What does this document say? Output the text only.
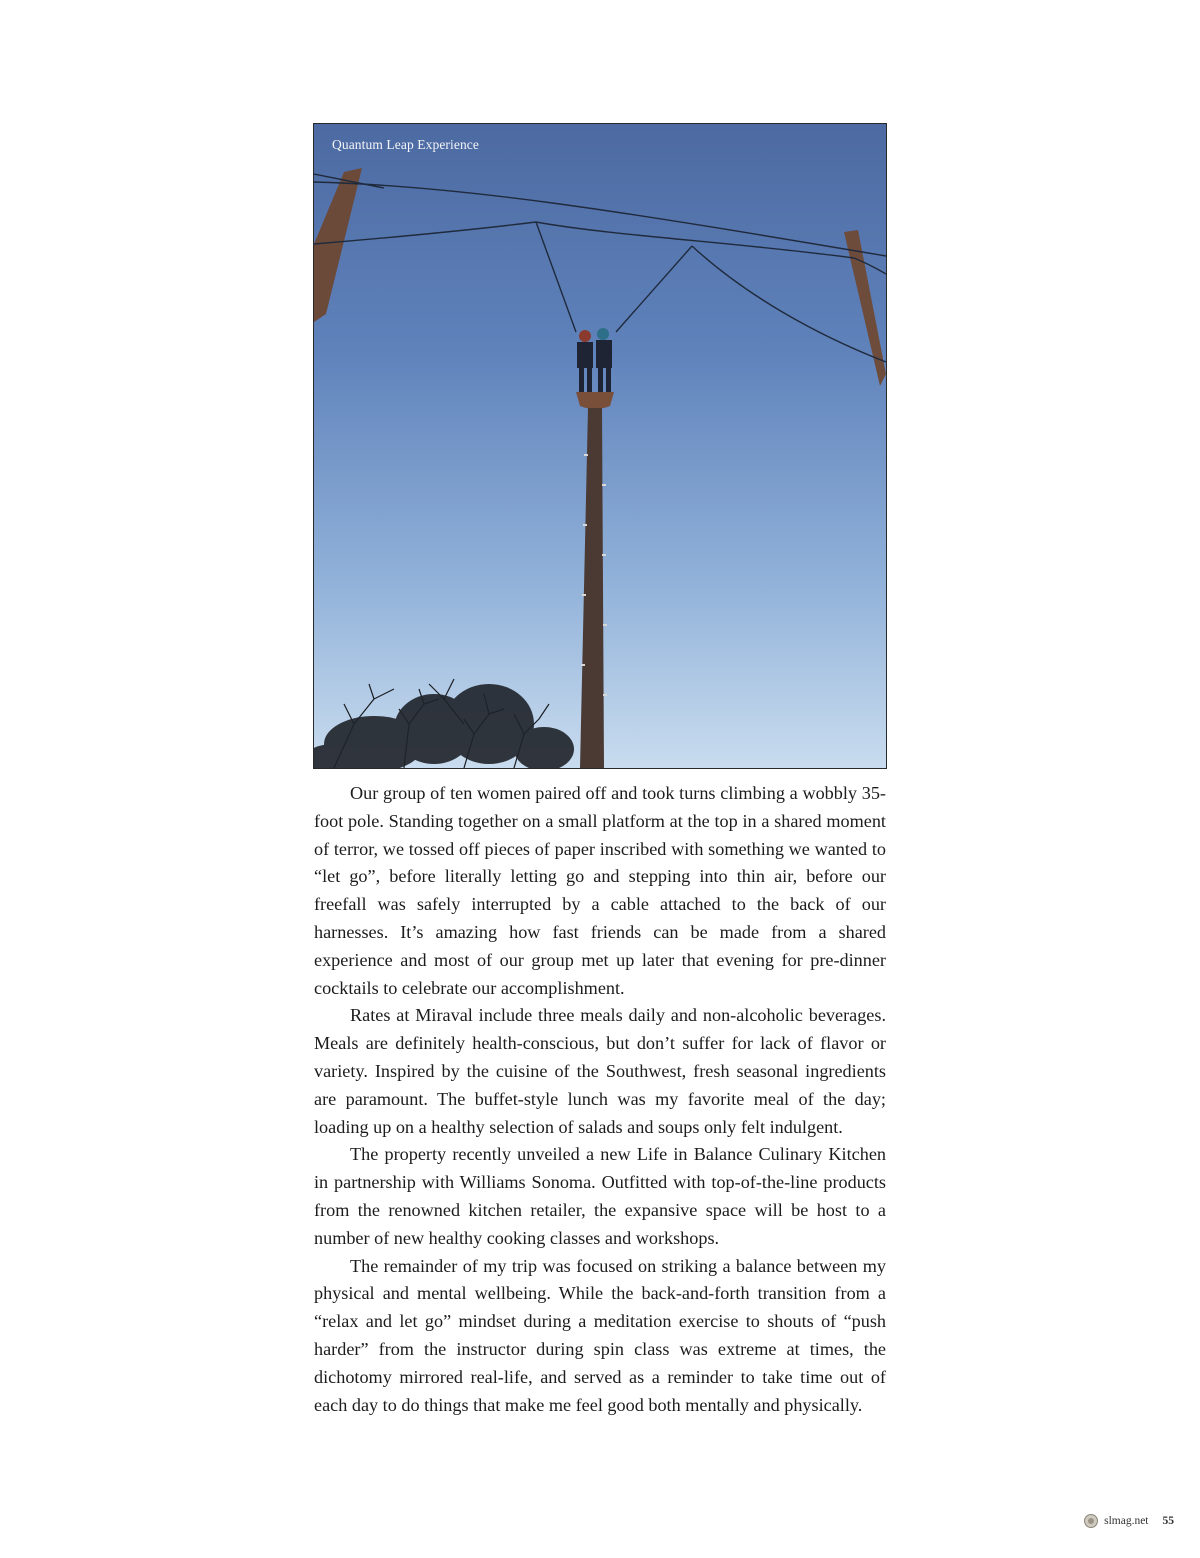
Quantum Leap Experience

Our group of ten women paired off and took turns climbing a wobbly 35-foot pole. Standing together on a small platform at the top in a shared moment of terror, we tossed off pieces of paper inscribed with something we wanted to “let go”, before literally letting go and stepping into thin air, before our freefall was safely interrupted by a cable attached to the back of our harnesses. It’s amazing how fast friends can be made from a shared experience and most of our group met up later that evening for pre-dinner cocktails to celebrate our accomplishment.

Rates at Miraval include three meals daily and non-alcoholic beverages. Meals are definitely health-conscious, but don’t suffer for lack of flavor or variety. Inspired by the cuisine of the Southwest, fresh seasonal ingredients are paramount. The buffet-style lunch was my favorite meal of the day; loading up on a healthy selection of salads and soups only felt indulgent.

The property recently unveiled a new Life in Balance Culinary Kitchen in partnership with Williams Sonoma. Outfitted with top-of-the-line products from the renowned kitchen retailer, the expansive space will be host to a number of new healthy cooking classes and workshops.

The remainder of my trip was focused on striking a balance between my physical and mental wellbeing. While the back-and-forth transition from a “relax and let go” mindset during a meditation exercise to shouts of “push harder” from the instructor during spin class was extreme at times, the dichotomy mirrored real-life, and served as a reminder to take time out of each day to do things that make me feel good both mentally and physically.

slmag.net 55
